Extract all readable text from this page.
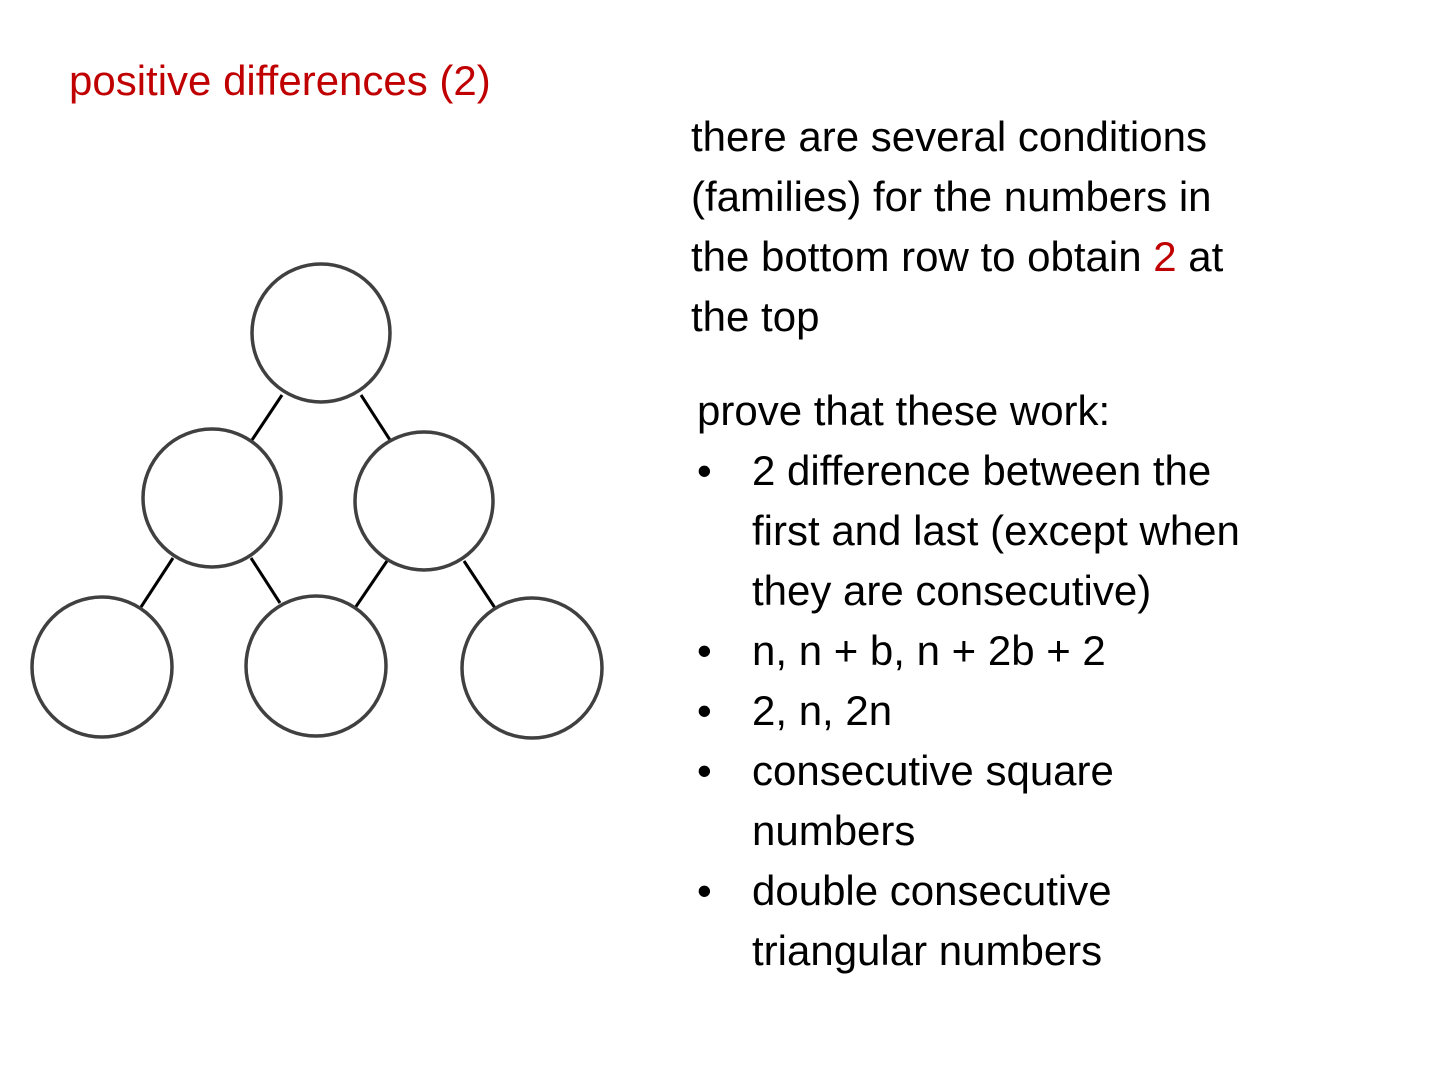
positive differences (2)

there are several conditions
(families) for the numbers in
the bottom row to obtain 2 at
the top

prove that these work:

• 2 difference between the
first and last (except when
they are consecutive)
• n, n + b, n + 2b + 2
• 2, n, 2n
• consecutive square
numbers
• double consecutive
triangular numbers
